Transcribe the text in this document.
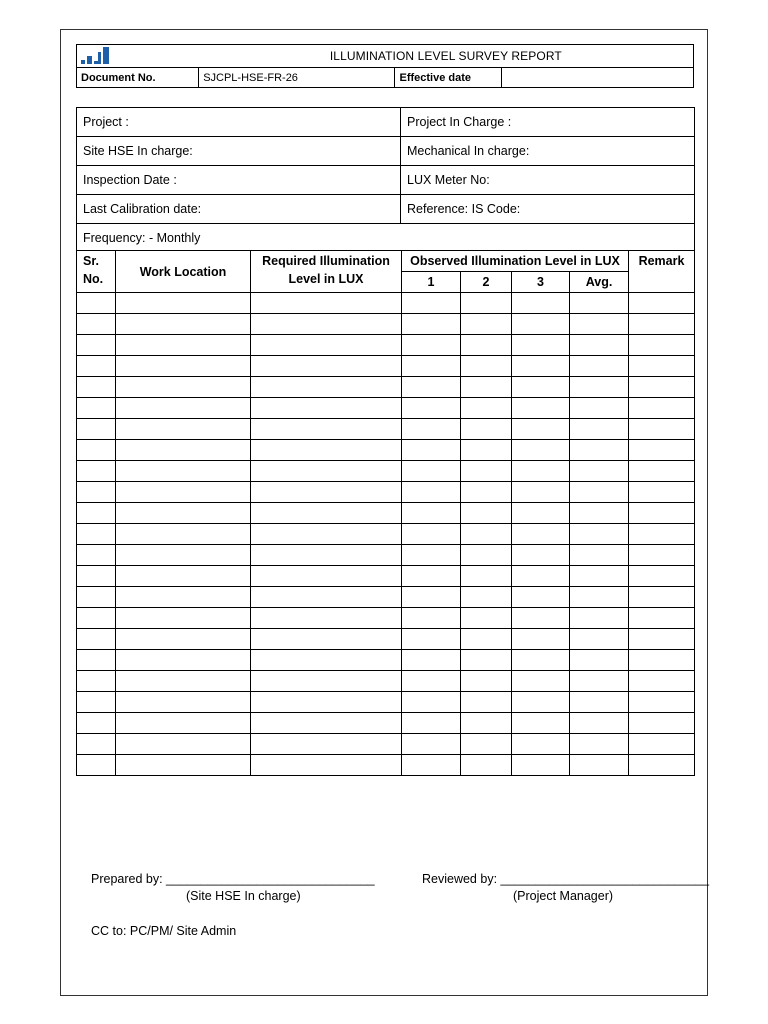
	ILLUMINATION LEVEL SURVEY REPORT		
Document No.	SJCPL-HSE-FR-26	Effective date	
Project :	Project In Charge :
Site HSE In charge:	Mechanical In charge:
Inspection Date :	LUX Meter No:
Last Calibration date:	Reference: IS Code:
Frequency: - Monthly	
Sr. No.	Work Location	Required Illumination Level in LUX	Observed Illumination Level in LUX				Remark
			1	2	3	Avg.	

Prepared by: ______________________________
(Site HSE In charge)
Reviewed by: ______________________________
(Project Manager)
CC to: PC/PM/ Site Admin
